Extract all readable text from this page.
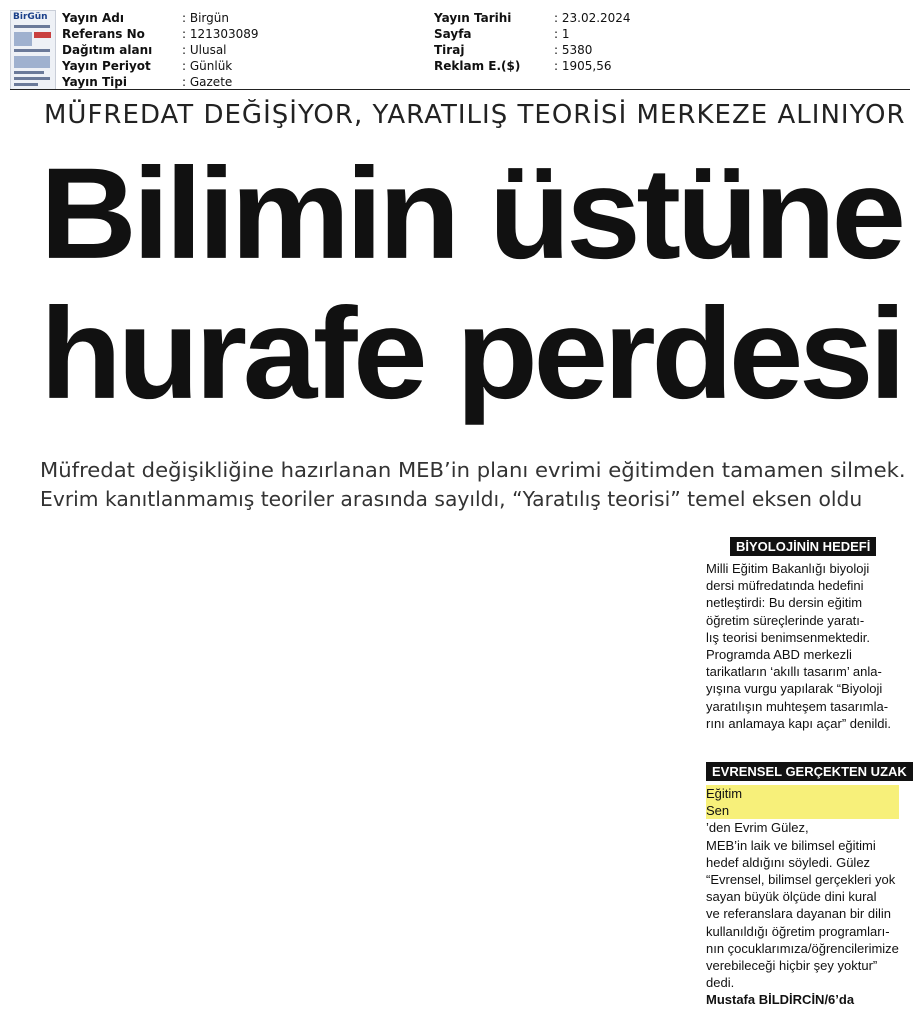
BirGün Yayın Adı	: Birgün
Referans No	: 121303089
Dağıtım alanı : Ulusal
Yayın Periyot	: Günlük
Yayın Tipi	: Gazete
Yayın Tarihi	: 23.02.2024
Sayfa	: 1
Tiraj	: 5380
Reklam E.($)	: 1905,56
MÜFREDAT DEĞİŞİYOR, YARATILIŞ TEORİSİ MERKEZE ALINIYOR
Bilimin üstüne
hurafe perdesi
Müfredat değişikliğine hazırlanan MEB’in planı evrimi eğitimden tamamen silmek.
Evrim kanıtlanmamış teoriler arasında sayıldı, “Yaratılış teorisi” temel eksen oldu
BİYOLOJİNİN HEDEFİ
Milli Eğitim Bakanlığı biyoloji
dersi müfredatında hedefini
netleştirdi: Bu dersin eğitim
öğretim süreçlerinde yaratı-
lış teorisi benimsenmektedir.
Programda ABD merkezli
tarikatların ‘akıllı tasarım’ anla-
yışına vurgu yapılarak “Biyoloji
yaratılışın muhteşem tasarımla-
rını anlamaya kapı açar” denildi.
EVRENSEL GERÇEKTEN UZAK
Eğitim
Sen
’den Evrim Gülez,
MEB’in laik ve bilimsel eğitimi
hedef aldığını söyledi. Gülez
“Evrensel, bilimsel gerçekleri yok
sayan büyük ölçüde dini kural
ve referanslara dayanan bir dilin
kullanıldığı öğretim programları-
nın çocuklarımıza/öğrencilerimize
verebileceği hiçbir şey yoktur”
dedi.
Mustafa BİLDİRCİN/6’da
